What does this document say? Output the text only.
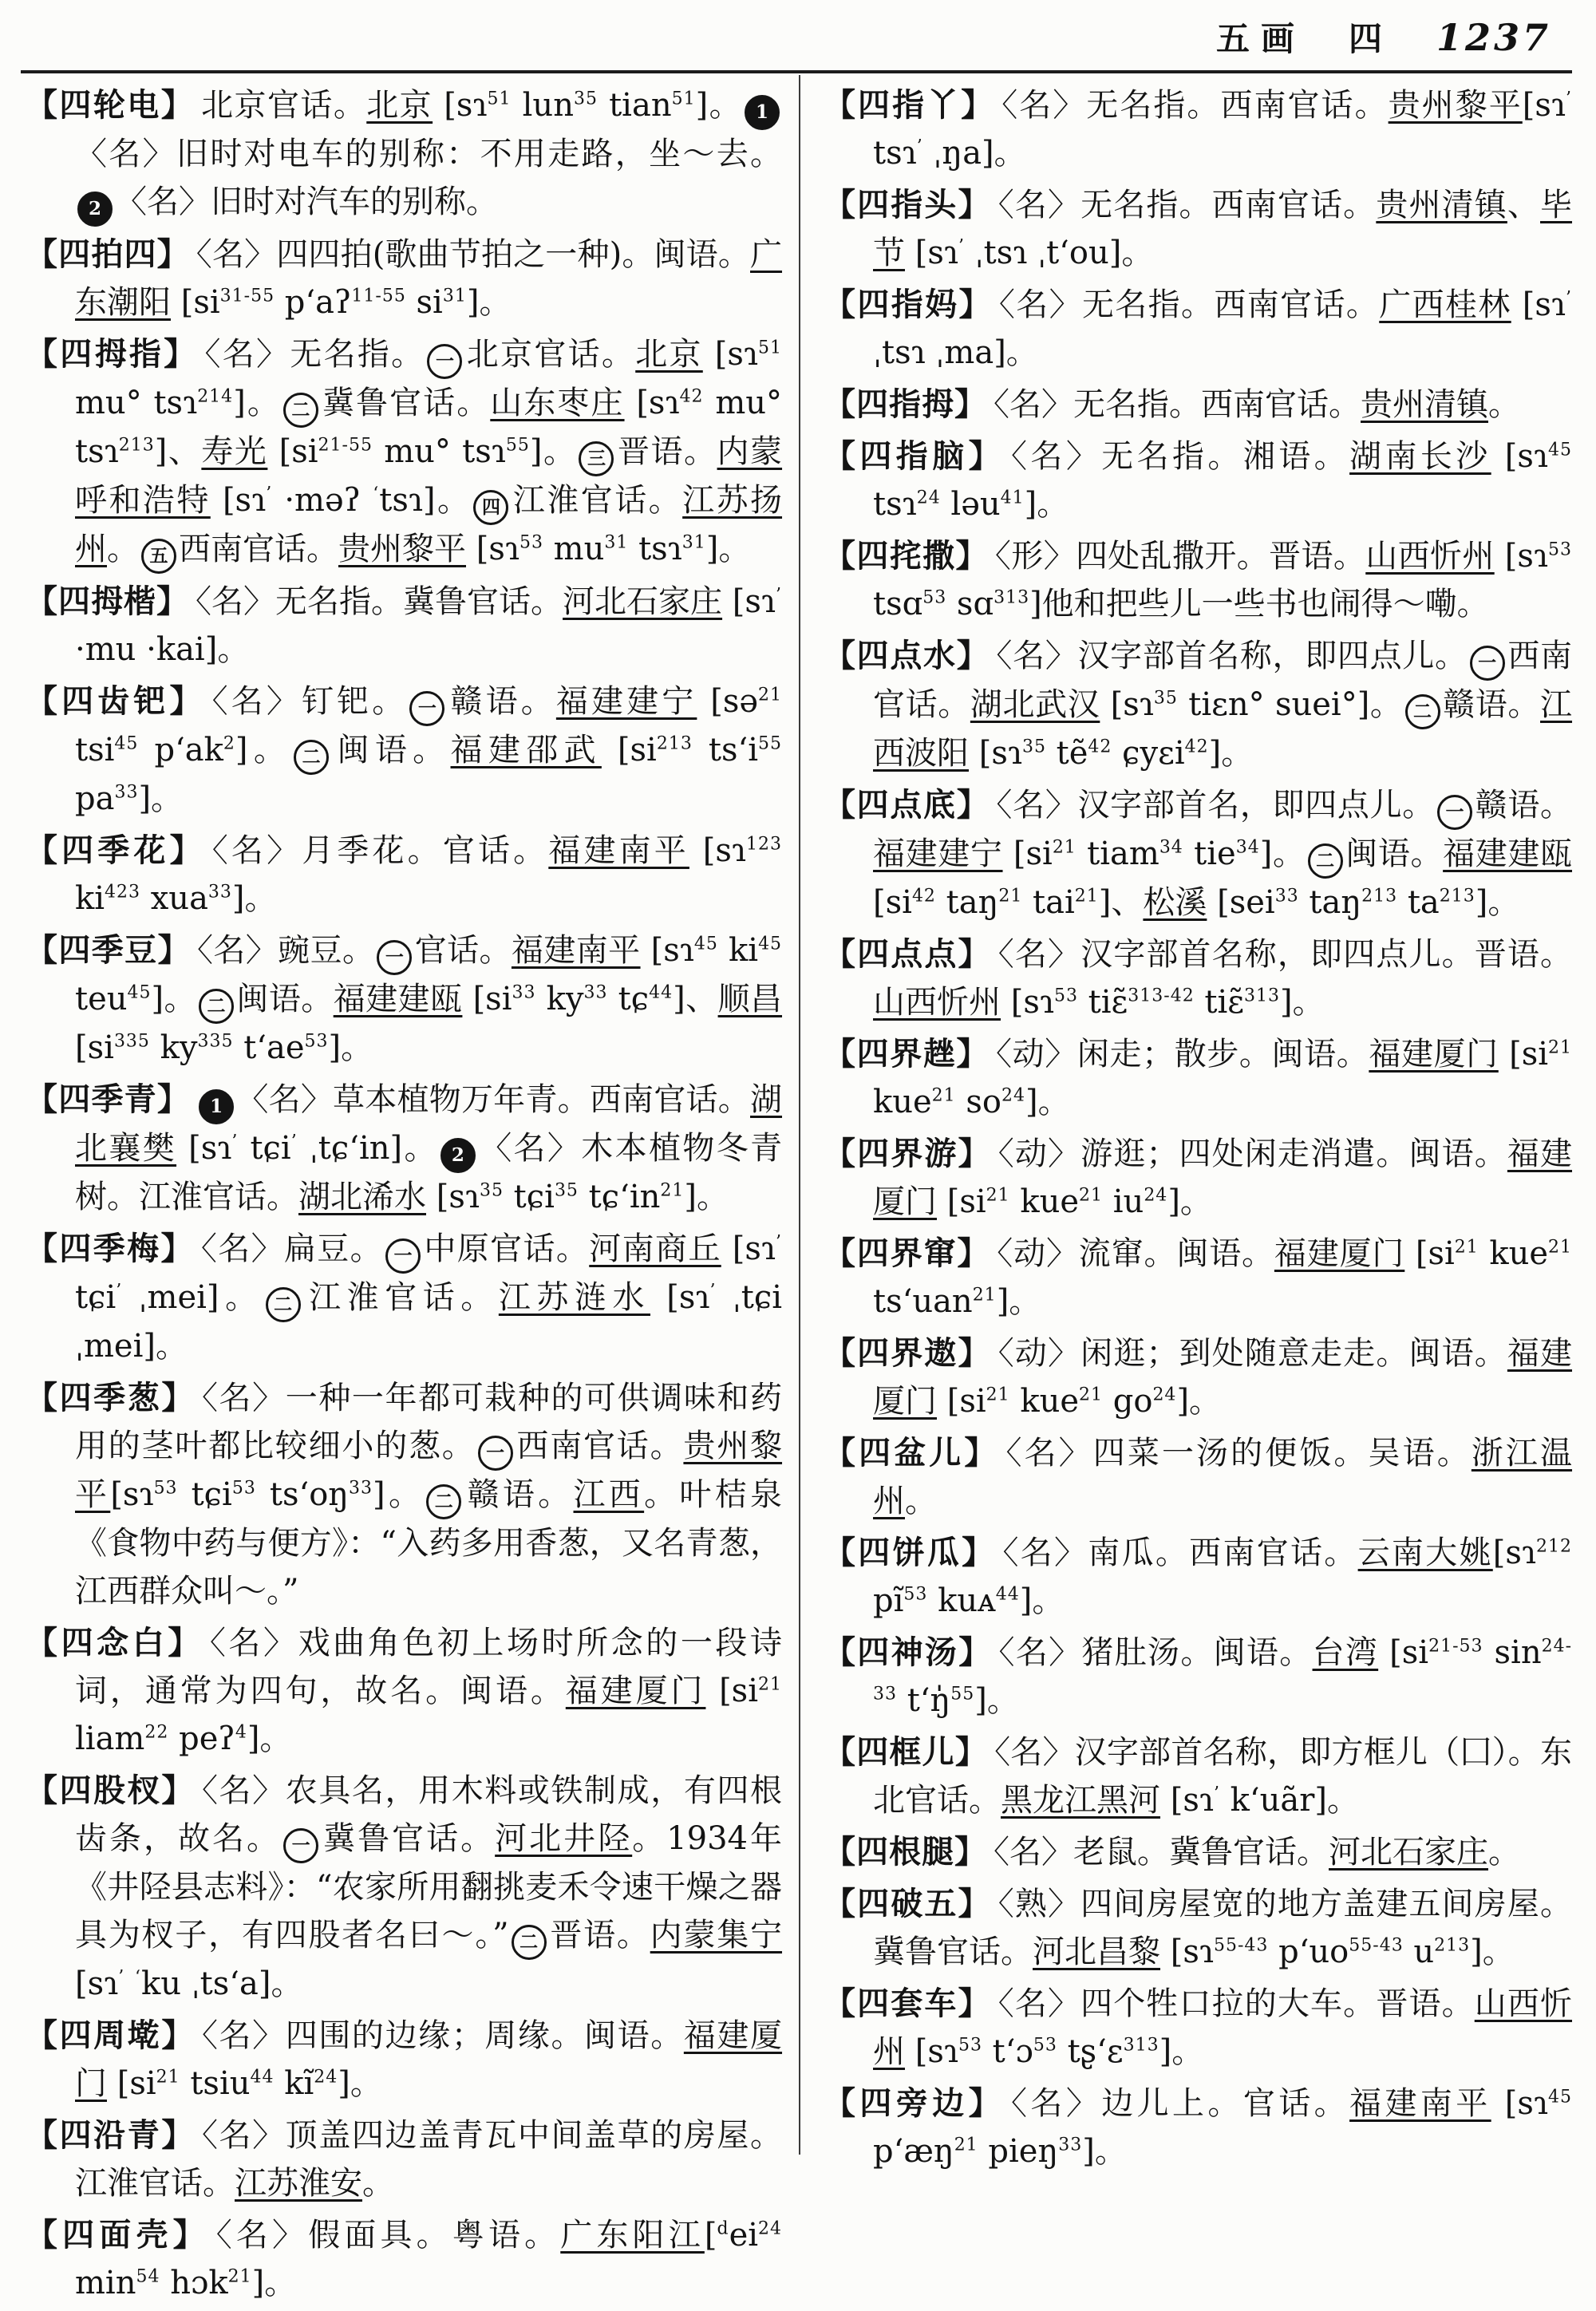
五画 四 1237

【四轮电】 北京官话。北京 [sɿ$^{51}$ lun$^{35}$ tian$^{51}$]。 1〈名〉旧时对电车的别称：不用走路，坐～去。2 〈名〉旧时对汽车的别称。

【四拍四】 〈名〉四四拍(歌曲节拍之一种)。闽语。广东潮阳 [$si^{31-55}$ p‘aʔ$^{11-55}$ $si^{31}$]。

【四拇指】 〈名〉无名指。 一 北京官话。北京 [sɿ$^{51}$ mu° tsɿ$^{214}$]。 二 冀鲁官话。山东枣庄 [sɿ$^{42}$ mu° tsɿ$^{213}$]、寿光 [$si^{21-55}$ mu° tsɿ$^{55}$]。 三 晋语。内蒙呼和浩特 [sɿ’ ·məʔ ‘tsɿ]。 四 江淮官话。江苏扬州。 五 西南官话。贵州黎平 [sɿ$^{53}$ $mu^{31}$ tsɿ$^{31}$]。

【四拇楷】 〈名〉无名指。冀鲁官话。河北石家庄 [sɿ’ ·mu ·kai]。

【四齿钯】 〈名〉钉钯。 一 赣语。福建建宁 [sə$^{21}$ tsi$^{45}$ $p‘ak^2$]。 二 闽语。福建邵武 [$si^{213}$ $ts‘i^{55}$ $pa^{33}$]。

【四季花】 〈名〉月季花。官话。福建南平 [sɿ$^{123}$ $ki^{423}$ xua$^{33}$]。

【四季豆】 〈名〉豌豆。 一 官话。福建南平 [sɿ$^{45}$ $ki^{45}$ teu$^{45}$]。 二 闽语。福建建瓯 [$si^{33}$ $ky^{33}$ tɕ$^{44}$]、顺昌 [$si^{335}$ $ky^{335}$ $t‘ae^{53}$]。

【四季青】 1 〈名〉草本植物万年青。西南官话。湖北襄樊 [sɿ’ tɕi’ ˌtɕ‘in]。 2 〈名〉木本植物冬青树。江淮官话。湖北浠水 [sɿ$^{35}$ tɕi$^{35}$ $tɕ‘in^{21}$]。

【四季梅】 〈名〉扁豆。 一 中原官话。河南商丘 [sɿ’ tɕi’ ˌmei]。 二 江淮官话。江苏涟水 [sɿ’ ˌtɕi ˌmei]。

【四季葱】 〈名〉一种一年都可栽种的可供调味和药用的茎叶都比较细小的葱。 一 西南官话。贵州黎平[sɿ$^{53}$ tɕi$^{53}$ $ts‘oŋ^{33}$]。 二 赣语。江西。叶桔泉《食物中药与便方》：“入药多用香葱，又名青葱，江西群众叫～。”

【四念白】 〈名〉戏曲角色初上场时所念的一段诗词，通常为四句，故名。闽语。福建厦门 [$si^{21}$ liam$^{22}$ peʔ$^4$]。

【四股杈】 〈名〉农具名，用木料或铁制成，有四根齿条，故名。 一 冀鲁官话。河北井陉。1934年《井陉县志料》：“农家所用翻挑麦禾令速干燥之器具为杈子，有四股者名曰～。” 二 晋语。内蒙集宁[sɿ’ ‘ku ˌts‘a]。

【四周墘】 〈名〉四围的边缘；周缘。闽语。福建厦门 [$si^{21}$ tsiu$^{44}$ $kĩ^{24}$]。

【四沿青】 〈名〉顶盖四边盖青瓦中间盖草的房屋。江淮官话。江苏淮安。

【四面壳】 〈名〉假面具。粤语。广东阳江[$^dei^{24}$ $\min^{54}$ hɔk$^{21}$]。

【四指丫】 〈名〉无名指。西南官话。贵州黎平[sɿ’ tsɿ’ ˌŋa]。

【四指头】 〈名〉无名指。西南官话。贵州清镇、毕节 [sɿ’ ˌtsɿ ˌt‘ou]。

【四指妈】 〈名〉无名指。西南官话。广西桂林 [sɿ’ ˌtsɿ ˌma]。

【四指拇】 〈名〉无名指。西南官话。贵州清镇。

【四指脑】 〈名〉无名指。湘语。湖南长沙 [sɿ$^{45}$ tsɿ$^{24}$ ləu$^{41}$]。

【四挓撒】 〈形〉四处乱撒开。晋语。山西忻州 [sɿ$^{53}$ tsɑ$^{53}$ sɑ$^{313}$]他和把些儿一些书也闹得～嘞。

【四点水】 〈名〉汉字部首名称，即四点儿。 一 西南官话。湖北武汉 [sɿ$^{35}$ tiɛn° suei°]。 二 赣语。江西波阳 [sɿ$^{35}$ tẽ$^{42}$ ɕyɛi$^{42}$]。

【四点底】 〈名〉汉字部首名，即四点儿。 一 赣语。福建建宁 [$si^{21}$ tiam$^{34}$ tie$^{34}$]。 二 闽语。福建建瓯 [$si^{42}$ taŋ$^{21}$ tai$^{21}$]、松溪 [sei$^{33}$ taŋ$^{213}$ $ta^{213}$]。

【四点点】 〈名〉汉字部首名称，即四点儿。晋语。山西忻州 [sɿ$^{53}$ tiɛ̃$^{313-42}$ tiɛ̃$^{313}$]。

【四界趖】 〈动〉闲走；散步。闽语。福建厦门 [$si^{21}$ kue$^{21}$ $so^{24}$]。

【四界游】 〈动〉游逛；四处闲走消遣。闽语。福建厦门 [$si^{21}$ kue$^{21}$ $iu^{24}$]。

【四界窜】 〈动〉流窜。闽语。福建厦门 [$si^{21}$ kue$^{21}$ ts‘uan$^{21}$]。

【四界遨】 〈动〉闲逛；到处随意走走。闽语。福建厦门 [$si^{21}$ kue$^{21}$ $go^{24}$]。

【四盆儿】 〈名〉四菜一汤的便饭。吴语。浙江温州。

【四饼瓜】 〈名〉南瓜。西南官话。云南大姚[sɿ$^{212}$ $pĩ^{53}$ kuᴀ$^{44}$]。

【四神汤】 〈名〉猪肚汤。闽语。台湾 [$si^{21-53}$ $\sin^{24-33}$ t‘ŋ̍$^{55}$]。

【四框儿】 〈名〉汉字部首名称，即方框儿（囗）。东北官话。黑龙江黑河 [sɿ’ k‘uãr]。

【四根腿】 〈名〉老鼠。冀鲁官话。河北石家庄。

【四破五】 〈熟〉四间房屋宽的地方盖建五间房屋。冀鲁官话。河北昌黎 [sɿ$^{55-43}$ $p‘uo^{55-43}$ $u^{213}$]。

【四套车】 〈名〉四个牲口拉的大车。晋语。山西忻州 [sɿ$^{53}$ t‘ɔ$^{53}$ tʂ‘ɛ$^{313}$]。

【四旁边】 〈名〉边儿上。官话。福建南平 [sɿ$^{45}$ $p‘æŋ^{21}$ pieŋ$^{33}$]。
